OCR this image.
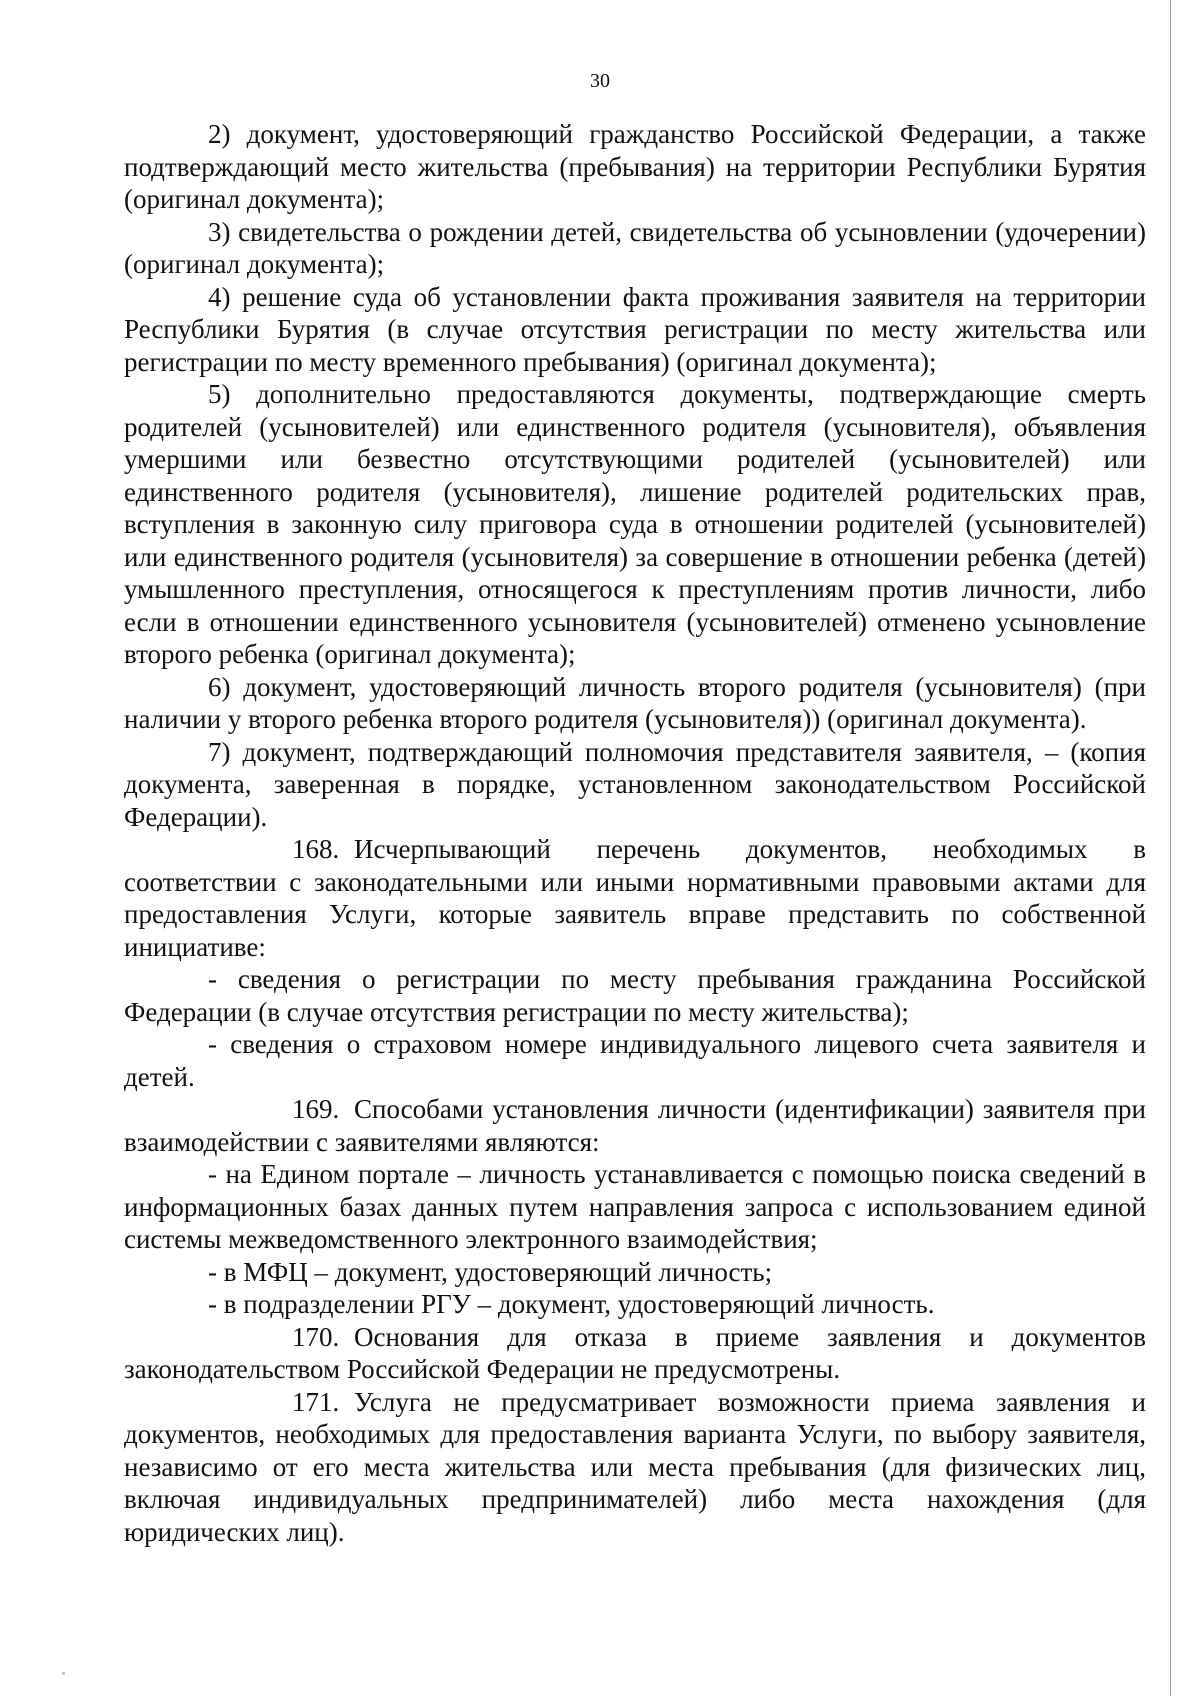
30

2) документ, удостоверяющий гражданство Российской Федерации, а также подтверждающий место жительства (пребывания) на территории Республики Бурятия (оригинал документа);

3) свидетельства о рождении детей, свидетельства об усыновлении (удочерении) (оригинал документа);

4) решение суда об установлении факта проживания заявителя на территории Республики Бурятия (в случае отсутствия регистрации по месту жительства или регистрации по месту временного пребывания) (оригинал документа);

5) дополнительно предоставляются документы, подтверждающие смерть родителей (усыновителей) или единственного родителя (усыновителя), объявления умершими или безвестно отсутствующими родителей (усыновителей) или единственного родителя (усыновителя), лишение родителей родительских прав, вступления в законную силу приговора суда в отношении родителей (усыновителей) или единственного родителя (усыновителя) за совершение в отношении ребенка (детей) умышленного преступления, относящегося к преступлениям против личности, либо если в отношении единственного усыновителя (усыновителей) отменено усыновление второго ребенка (оригинал документа);

6) документ, удостоверяющий личность второго родителя (усыновителя) (при наличии у второго ребенка второго родителя (усыновителя)) (оригинал документа).

7) документ, подтверждающий полномочия представителя заявителя, – (копия документа, заверенная в порядке, установленном законодательством Российской Федерации).

168. Исчерпывающий перечень документов, необходимых в соответствии с законодательными или иными нормативными правовыми актами для предоставления Услуги, которые заявитель вправе представить по собственной инициативе:

- сведения о регистрации по месту пребывания гражданина Российской Федерации (в случае отсутствия регистрации по месту жительства);

- сведения о страховом номере индивидуального лицевого счета заявителя и детей.

169. Способами установления личности (идентификации) заявителя при взаимодействии с заявителями являются:

- на Едином портале – личность устанавливается с помощью поиска сведений в информационных базах данных путем направления запроса с использованием единой системы межведомственного электронного взаимодействия;

- в МФЦ – документ, удостоверяющий личность;

- в подразделении РГУ – документ, удостоверяющий личность.

170. Основания для отказа в приеме заявления и документов законодательством Российской Федерации не предусмотрены.

171. Услуга не предусматривает возможности приема заявления и документов, необходимых для предоставления варианта Услуги, по выбору заявителя, независимо от его места жительства или места пребывания (для физических лиц, включая индивидуальных предпринимателей) либо места нахождения (для юридических лиц).
